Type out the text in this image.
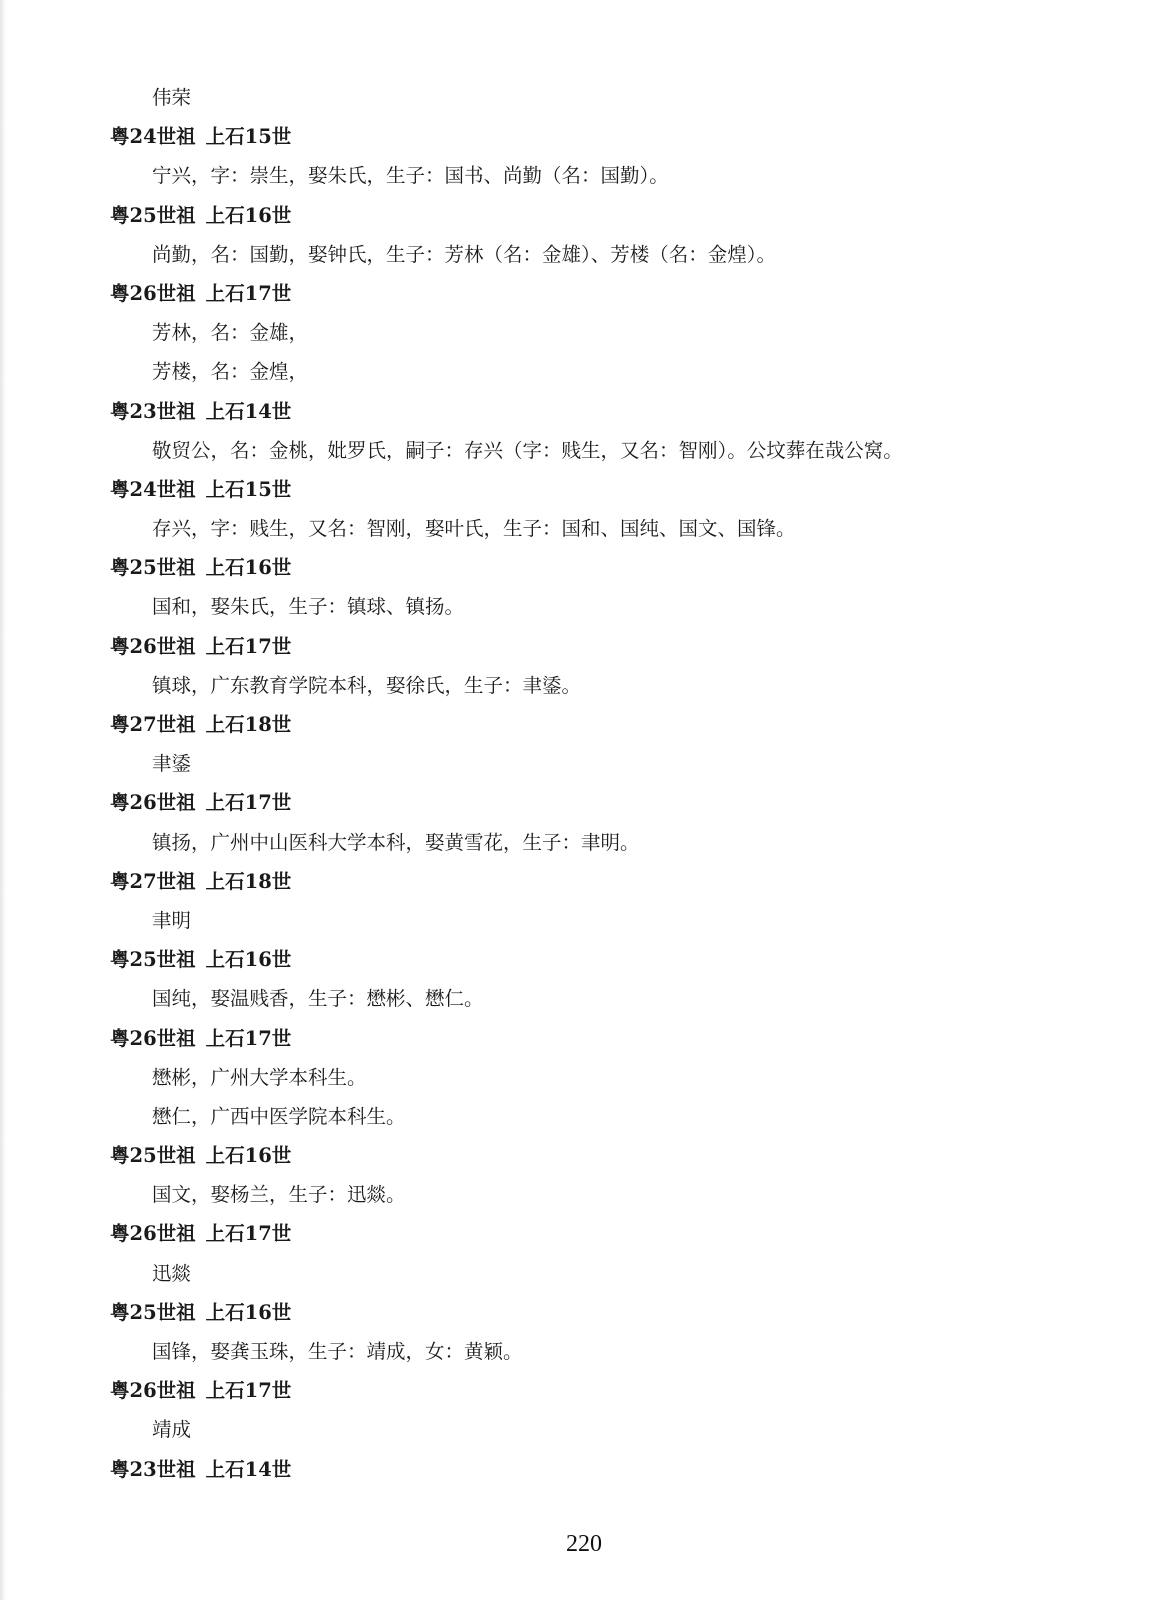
伟荣
粤24世祖 上石15世
宁兴，字：崇生，娶朱氏，生子：国书、尚勤（名：国勤）。
粤25世祖 上石16世
尚勤，名：国勤，娶钟氏，生子：芳林（名：金雄）、芳楼（名：金煌）。
粤26世祖 上石17世
芳林，名：金雄，
芳楼，名：金煌，
粤23世祖 上石14世
敬贸公，名：金桃，妣罗氏，嗣子：存兴（字：贱生，又名：智刚）。公坟葬在哉公窝。
粤24世祖 上石15世
存兴，字：贱生，又名：智刚，娶叶氏，生子：国和、国纯、国文、国锋。
粤25世祖 上石16世
国和，娶朱氏，生子：镇球、镇扬。
粤26世祖 上石17世
镇球，广东教育学院本科，娶徐氏，生子：聿鋈。
粤27世祖 上石18世
聿鋈
粤26世祖 上石17世
镇扬，广州中山医科大学本科，娶黄雪花，生子：聿明。
粤27世祖 上石18世
聿明
粤25世祖 上石16世
国纯，娶温贱香，生子：懋彬、懋仁。
粤26世祖 上石17世
懋彬，广州大学本科生。
懋仁，广西中医学院本科生。
粤25世祖 上石16世
国文，娶杨兰，生子：迅燚。
粤26世祖 上石17世
迅燚
粤25世祖 上石16世
国锋，娶龚玉珠，生子：靖成，女：黄颖。
粤26世祖 上石17世
靖成
粤23世祖 上石14世
220
